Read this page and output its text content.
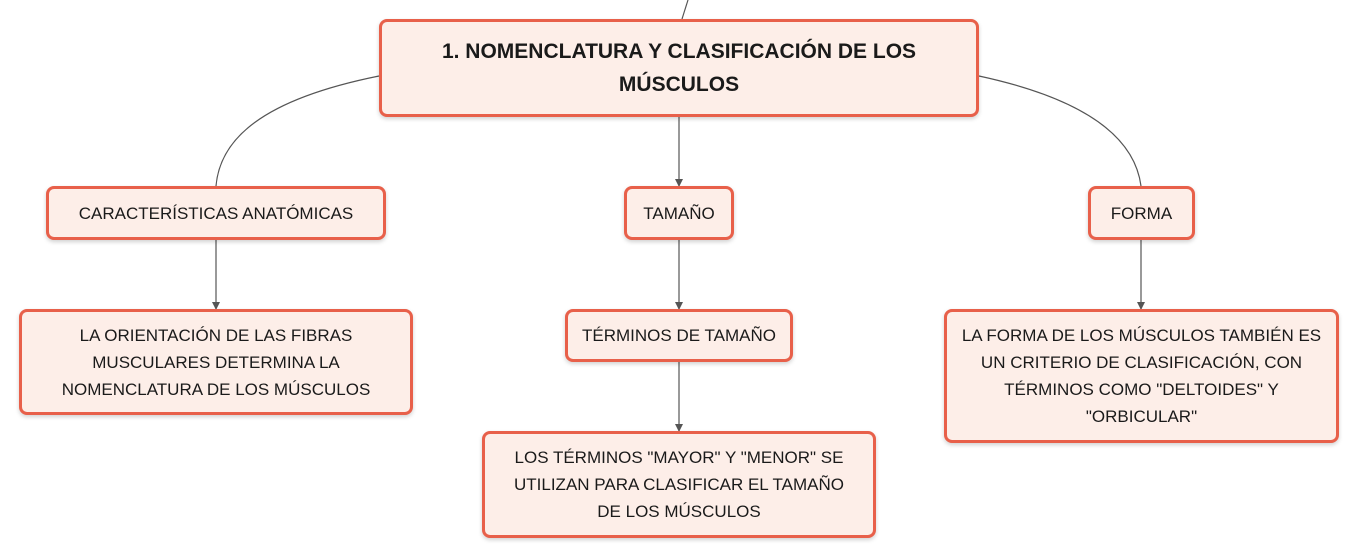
1. NOMENCLATURA Y CLASIFICACIÓN DE LOS MÚSCULOS
CARACTERÍSTICAS ANATÓMICAS	TAMAÑO	FORMA
LA ORIENTACIÓN DE LAS FIBRAS MUSCULARES DETERMINA LA NOMENCLATURA DE LOS MÚSCULOS
TÉRMINOS DE TAMAÑO
LOS TÉRMINOS "MAYOR" Y "MENOR" SE UTILIZAN PARA CLASIFICAR EL TAMAÑO DE LOS MÚSCULOS
LA FORMA DE LOS MÚSCULOS TAMBIÉN ES UN CRITERIO DE CLASIFICACIÓN, CON TÉRMINOS COMO "DELTOIDES" Y "ORBICULAR"
